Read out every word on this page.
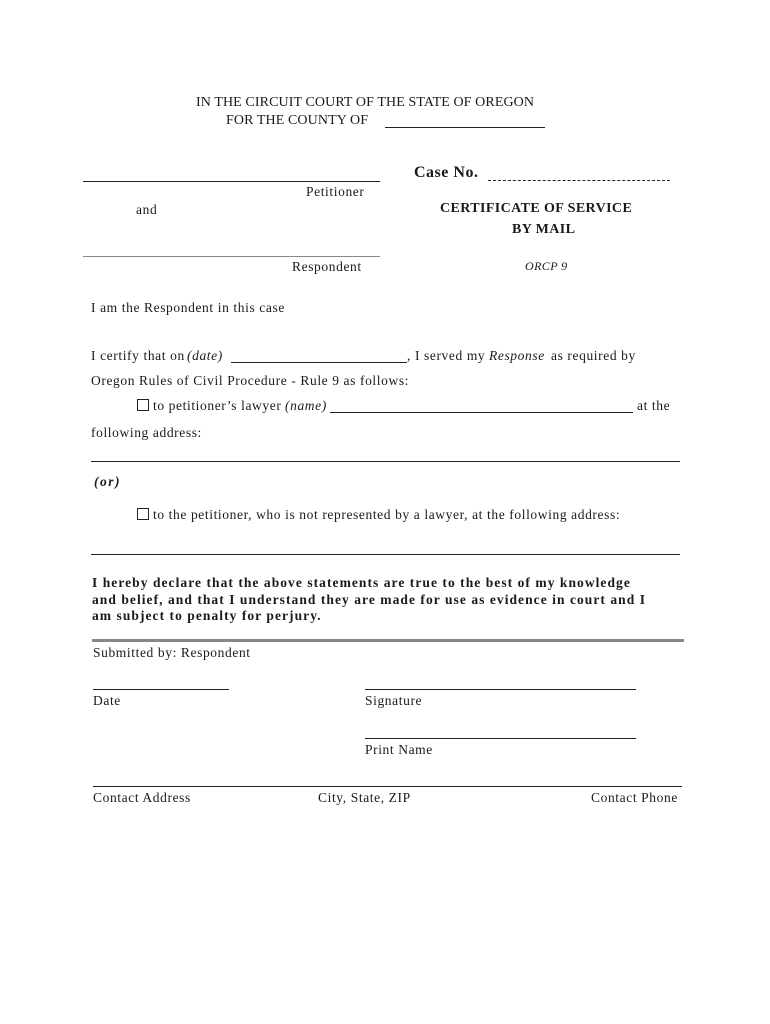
IN THE CIRCUIT COURT OF THE STATE OF OREGON
FOR THE COUNTY OF
Case No.
Petitioner
and
Respondent
CERTIFICATE OF SERVICE
BY MAIL
ORCP 9
I am the Respondent in this case
I certify that on (date)	, I served my Response as required by
Oregon Rules of Civil Procedure - Rule 9 as follows:
to petitioner’s lawyer (name)	at the
following address:
(or)
to the petitioner, who is not represented by a lawyer, at the following address:
I hereby declare that the above statements are true to the best of my knowledge
and belief, and that I understand they are made for use as evidence in court and I
am subject to penalty for perjury.
Submitted by: Respondent
Date	Signature
Print Name
Contact Address	City, State, ZIP	Contact Phone
